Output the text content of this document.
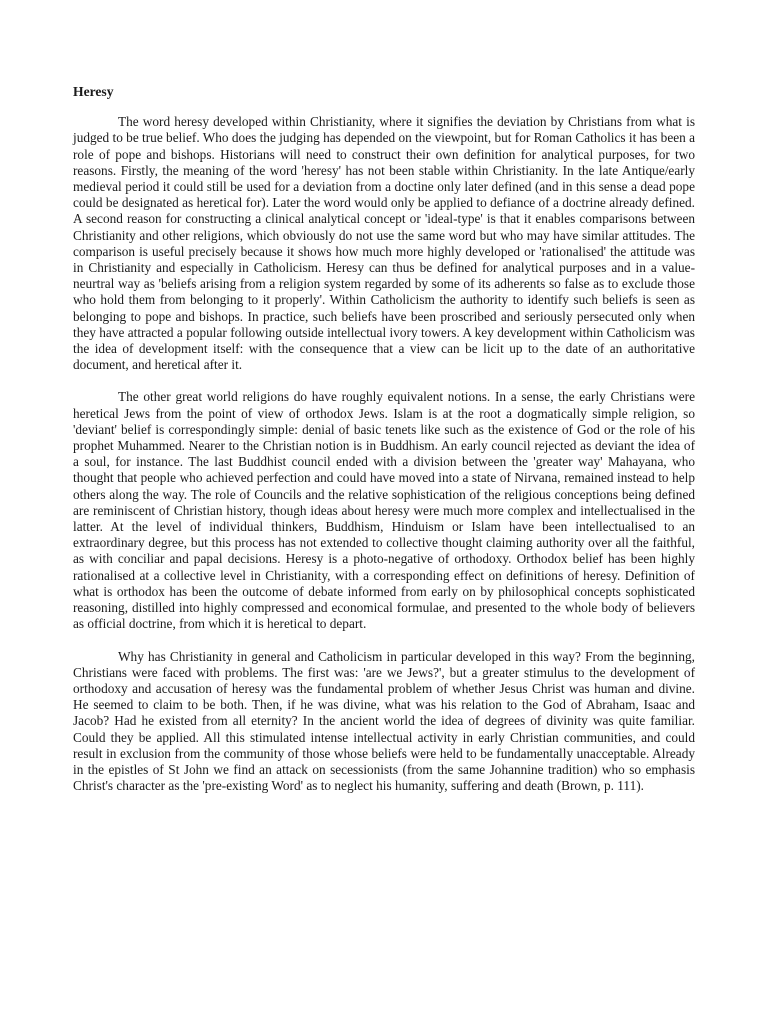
Heresy

The word heresy developed within Christianity, where it signifies the deviation by Christians from what is judged to be true belief. Who does the judging has depended on the viewpoint, but for Roman Catholics it has been a role of pope and bishops. Historians will need to construct their own definition for analytical purposes, for two reasons. Firstly, the meaning of the word 'heresy' has not been stable within Christianity. In the late Antique/early medieval period it could still be used for a deviation from a doctine only later defined (and in this sense a dead pope could be designated as heretical for). Later the word would only be applied to defiance of a doctrine already defined. A second reason for constructing a clinical analytical concept or 'ideal-type' is that it enables comparisons between Christianity and other religions, which obviously do not use the same word but who may have similar attitudes. The comparison is useful precisely because it shows how much more highly developed or 'rationalised' the attitude was in Christianity and especially in Catholicism. Heresy can thus be defined for analytical purposes and in a value-neurtral way as 'beliefs arising from a religion system regarded by some of its adherents so false as to exclude those who hold them from belonging to it properly'. Within Catholicism the authority to identify such beliefs is seen as belonging to pope and bishops. In practice, such beliefs have been proscribed and seriously persecuted only when they have attracted a popular following outside intellectual ivory towers. A key development within Catholicism was the idea of development itself: with the consequence that a view can be licit up to the date of an authoritative document, and heretical after it.

The other great world religions do have roughly equivalent notions. In a sense, the early Christians were heretical Jews from the point of view of orthodox Jews. Islam is at the root a dogmatically simple religion, so 'deviant' belief is correspondingly simple: denial of basic tenets like such as the existence of God or the role of his prophet Muhammed. Nearer to the Christian notion is in Buddhism. An early council rejected as deviant the idea of a soul, for instance. The last Buddhist council ended with a division between the 'greater way' Mahayana, who thought that people who achieved perfection and could have moved into a state of Nirvana, remained instead to help others along the way. The role of Councils and the relative sophistication of the religious conceptions being defined are reminiscent of Christian history, though ideas about heresy were much more complex and intellectualised in the latter. At the level of individual thinkers, Buddhism, Hinduism or Islam have been intellectualised to an extraordinary degree, but this process has not extended to collective thought claiming authority over all the faithful, as with conciliar and papal decisions. Heresy is a photo-negative of orthodoxy. Orthodox belief has been highly rationalised at a collective level in Christianity, with a corresponding effect on definitions of heresy. Definition of what is orthodox has been the outcome of debate informed from early on by philosophical concepts sophisticated reasoning, distilled into highly compressed and economical formulae, and presented to the whole body of believers as official doctrine, from which it is heretical to depart.

Why has Christianity in general and Catholicism in particular developed in this way? From the beginning, Christians were faced with problems. The first was: 'are we Jews?', but a greater stimulus to the development of orthodoxy and accusation of heresy was the fundamental problem of whether Jesus Christ was human and divine. He seemed to claim to be both. Then, if he was divine, what was his relation to the God of Abraham, Isaac and Jacob? Had he existed from all eternity? In the ancient world the idea of degrees of divinity was quite familiar. Could they be applied. All this stimulated intense intellectual activity in early Christian communities, and could result in exclusion from the community of those whose beliefs were held to be fundamentally unacceptable. Already in the epistles of St John we find an attack on secessionists (from the same Johannine tradition) who so emphasis Christ's character as the 'pre-existing Word' as to neglect his humanity, suffering and death (Brown, p. 111).
